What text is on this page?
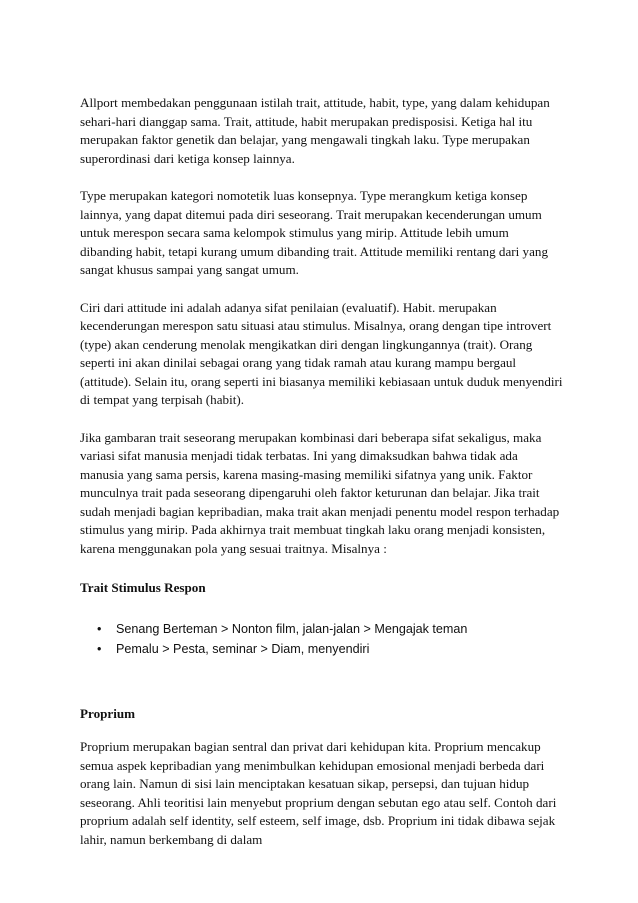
Allport membedakan penggunaan istilah trait, attitude, habit, type, yang dalam kehidupan sehari-hari dianggap sama. Trait, attitude, habit merupakan predisposisi. Ketiga hal itu merupakan faktor genetik dan belajar, yang mengawali tingkah laku. Type merupakan superordinasi dari ketiga konsep lainnya.

Type merupakan kategori nomotetik luas konsepnya. Type merangkum ketiga konsep lainnya, yang dapat ditemui pada diri seseorang. Trait merupakan kecenderungan umum untuk merespon secara sama kelompok stimulus yang mirip. Attitude lebih umum dibanding habit, tetapi kurang umum dibanding trait. Attitude memiliki rentang dari yang sangat khusus sampai yang sangat umum.

Ciri dari attitude ini adalah adanya sifat penilaian (evaluatif). Habit. merupakan kecenderungan merespon satu situasi atau stimulus. Misalnya, orang dengan tipe introvert (type) akan cenderung menolak mengikatkan diri dengan lingkungannya (trait). Orang seperti ini akan dinilai sebagai orang yang tidak ramah atau kurang mampu bergaul (attitude). Selain itu, orang seperti ini biasanya memiliki kebiasaan untuk duduk menyendiri di tempat yang terpisah (habit).

Jika gambaran trait seseorang merupakan kombinasi dari beberapa sifat sekaligus, maka variasi sifat manusia menjadi tidak terbatas. Ini yang dimaksudkan bahwa tidak ada manusia yang sama persis, karena masing-masing memiliki sifatnya yang unik. Faktor munculnya trait pada seseorang dipengaruhi oleh faktor keturunan dan belajar. Jika trait sudah menjadi bagian kepribadian, maka trait akan menjadi penentu model respon terhadap stimulus yang mirip. Pada akhirnya trait membuat tingkah laku orang menjadi konsisten, karena menggunakan pola yang sesuai traitnya. Misalnya :

Trait Stimulus Respon

• Senang Berteman > Nonton film, jalan-jalan > Mengajak teman
• Pemalu > Pesta, seminar > Diam, menyendiri

Proprium

Proprium merupakan bagian sentral dan privat dari kehidupan kita. Proprium mencakup semua aspek kepribadian yang menimbulkan kehidupan emosional menjadi berbeda dari orang lain. Namun di sisi lain menciptakan kesatuan sikap, persepsi, dan tujuan hidup seseorang. Ahli teoritisi lain menyebut proprium dengan sebutan ego atau self. Contoh dari proprium adalah self identity, self esteem, self image, dsb. Proprium ini tidak dibawa sejak lahir, namun berkembang di dalam
